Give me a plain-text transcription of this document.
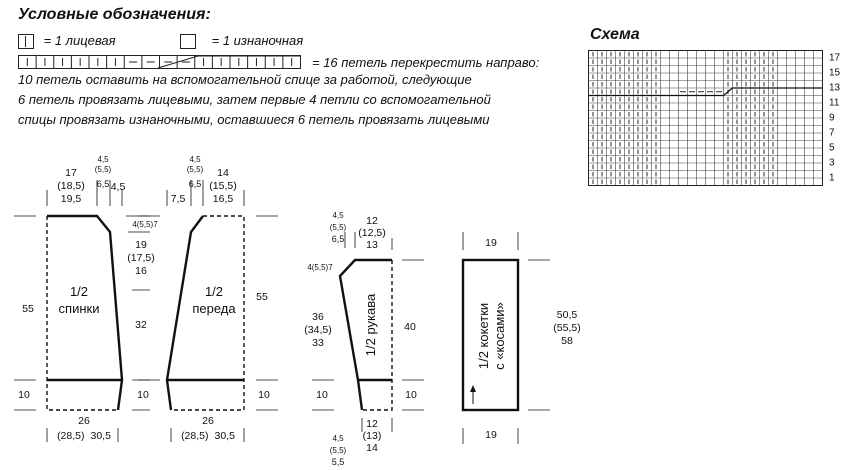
Условные обозначения:
= 1 лицевая	= 1 изнаночная
= 16 петель перекрестить направо:
10 петель оставить на вспомогательной спице за работой, следующие
6 петель провязать лицевыми, затем первые 4 петли со вспомогательной
спицы провязать изнаночными, оставшиеся 6 петель провязать лицевыми
Схема
17
15
13
11
9
7
5
3
1
1/2
спинки
17
(18,5)
19,5
4,5
(5,5)
6,5 4,5
55
19
(17,5)
16
32
10	10
26
(28,5) 30,5
1/2
переда
7,5
4,5
(5,5)
6,5
14
(15,5)
16,5
4(5,5)7
55
10
26
(28,5) 30,5
1/2 рукава
4,5
(5,5)
6,5
12
(12,5)
13
4(5,5)7
36
(34,5)
33
40
10	10
12
(13)
14
4,5
(5,5)
5,5
1/2 кокетки с «косами»
19
19
50,5
(55,5)
58
